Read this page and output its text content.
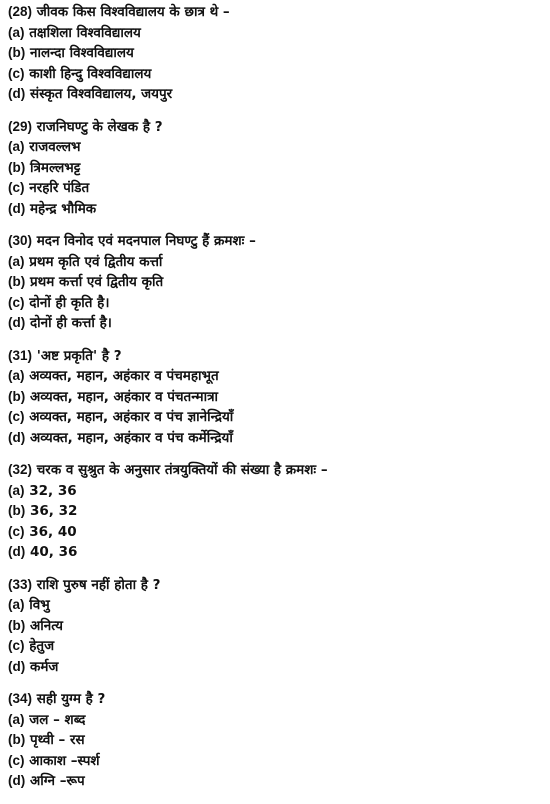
(28) जीवक किस विश्वविद्यालय के छात्र थे –
(a) तक्षशिला विश्वविद्यालय
(b) नालन्दा विश्वविद्यालय
(c) काशी हिन्दु विश्वविद्यालय
(d) संस्कृत विश्वविद्यालय, जयपुर
(29) राजनिघण्टु के लेखक है ?
(a) राजवल्लभ
(b) त्रिमल्लभट्ट
(c) नरहरि पंडित
(d) महेन्द्र भौमिक
(30) मदन विनोद एवं मदनपाल निघण्टु हैं क्रमशः –
(a) प्रथम कृति एवं द्वितीय कर्त्ता
(b) प्रथम कर्त्ता एवं द्वितीय कृति
(c) दोनों ही कृति है।
(d) दोनों ही कर्त्ता है।
(31) 'अष्ट प्रकृति' है ?
(a) अव्यक्त, महान, अहंकार व पंचमहाभूत
(b) अव्यक्त, महान, अहंकार व पंचतन्मात्रा
(c) अव्यक्त, महान, अहंकार व पंच ज्ञानेन्द्रियाँ
(d) अव्यक्त, महान, अहंकार व पंच कर्मेन्द्रियाँ
(32) चरक व सुश्रुत के अनुसार तंत्रयुक्तियों की संख्या है क्रमशः –
(a) 32, 36
(b) 36, 32
(c) 36, 40
(d) 40, 36
(33) राशि पुरुष नहीं होता है ?
(a) विभु
(b) अनित्य
(c) हेतुज
(d) कर्मज
(34) सही युग्म है ?
(a) जल – शब्द
(b) पृथ्वी – रस
(c) आकाश –स्पर्श
(d) अग्नि –रूप
